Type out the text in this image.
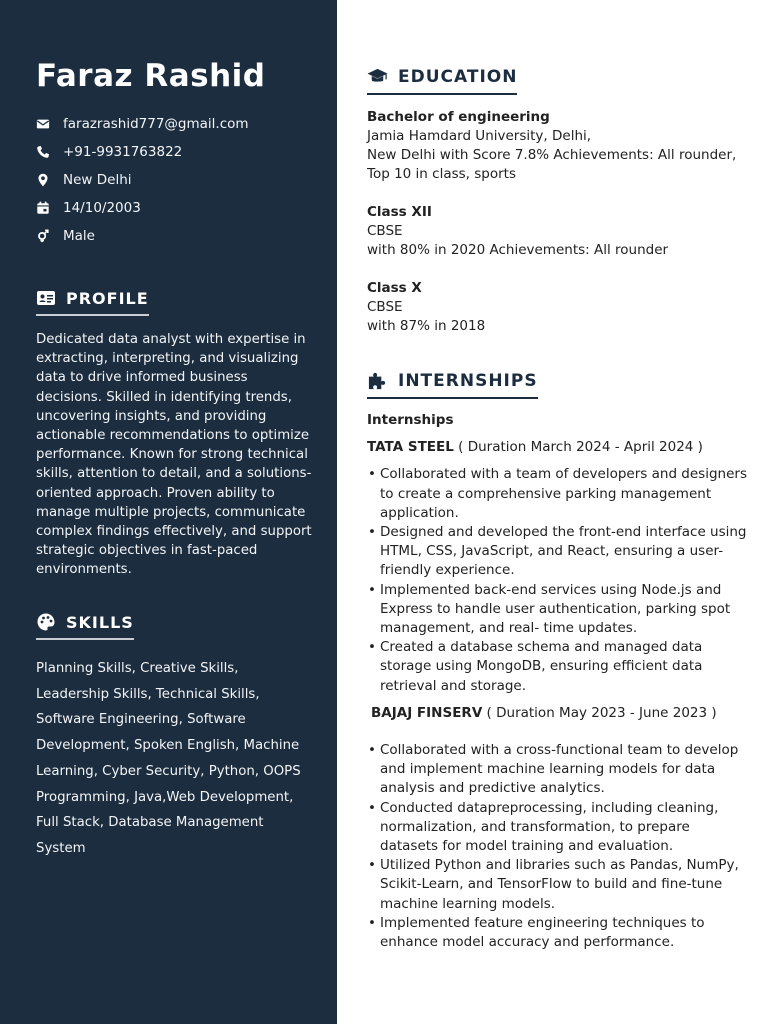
Faraz Rashid
farazrashid777@gmail.com
+91-9931763822
New Delhi
14/10/2003
Male
PROFILE
Dedicated data analyst with expertise in extracting, interpreting, and visualizing data to drive informed business decisions. Skilled in identifying trends, uncovering insights, and providing actionable recommendations to optimize performance. Known for strong technical skills, attention to detail, and a solutions-oriented approach. Proven ability to manage multiple projects, communicate complex findings effectively, and support strategic objectives in fast-paced environments.
SKILLS
Planning Skills, Creative Skills, Leadership Skills, Technical Skills, Software Engineering, Software Development, Spoken English, Machine Learning, Cyber Security, Python, OOPS Programming, Java,Web Development, Full Stack, Database Management System
EDUCATION
Bachelor of engineering
Jamia Hamdard University, Delhi,
New Delhi with Score 7.8% Achievements: All rounder, Top 10 in class, sports
Class XII
CBSE
with 80% in 2020 Achievements: All rounder
Class X
CBSE
with 87% in 2018
INTERNSHIPS
Internships
TATA STEEL ( Duration March 2024 - April 2024 )
• Collaborated with a team of developers and designers to create a comprehensive parking management application.
• Designed and developed the front-end interface using HTML, CSS, JavaScript, and React, ensuring a user- friendly experience.
• Implemented back-end services using Node.js and Express to handle user authentication, parking spot management, and real- time updates.
• Created a database schema and managed data storage using MongoDB, ensuring efficient data retrieval and storage.
BAJAJ FINSERV ( Duration May 2023 - June 2023 )
• Collaborated with a cross-functional team to develop and implement machine learning models for data analysis and predictive analytics.
• Conducted datapreprocessing, including cleaning, normalization, and transformation, to prepare datasets for model training and evaluation.
• Utilized Python and libraries such as Pandas, NumPy, Scikit-Learn, and TensorFlow to build and fine-tune machine learning models.
• Implemented feature engineering techniques to enhance model accuracy and performance.
